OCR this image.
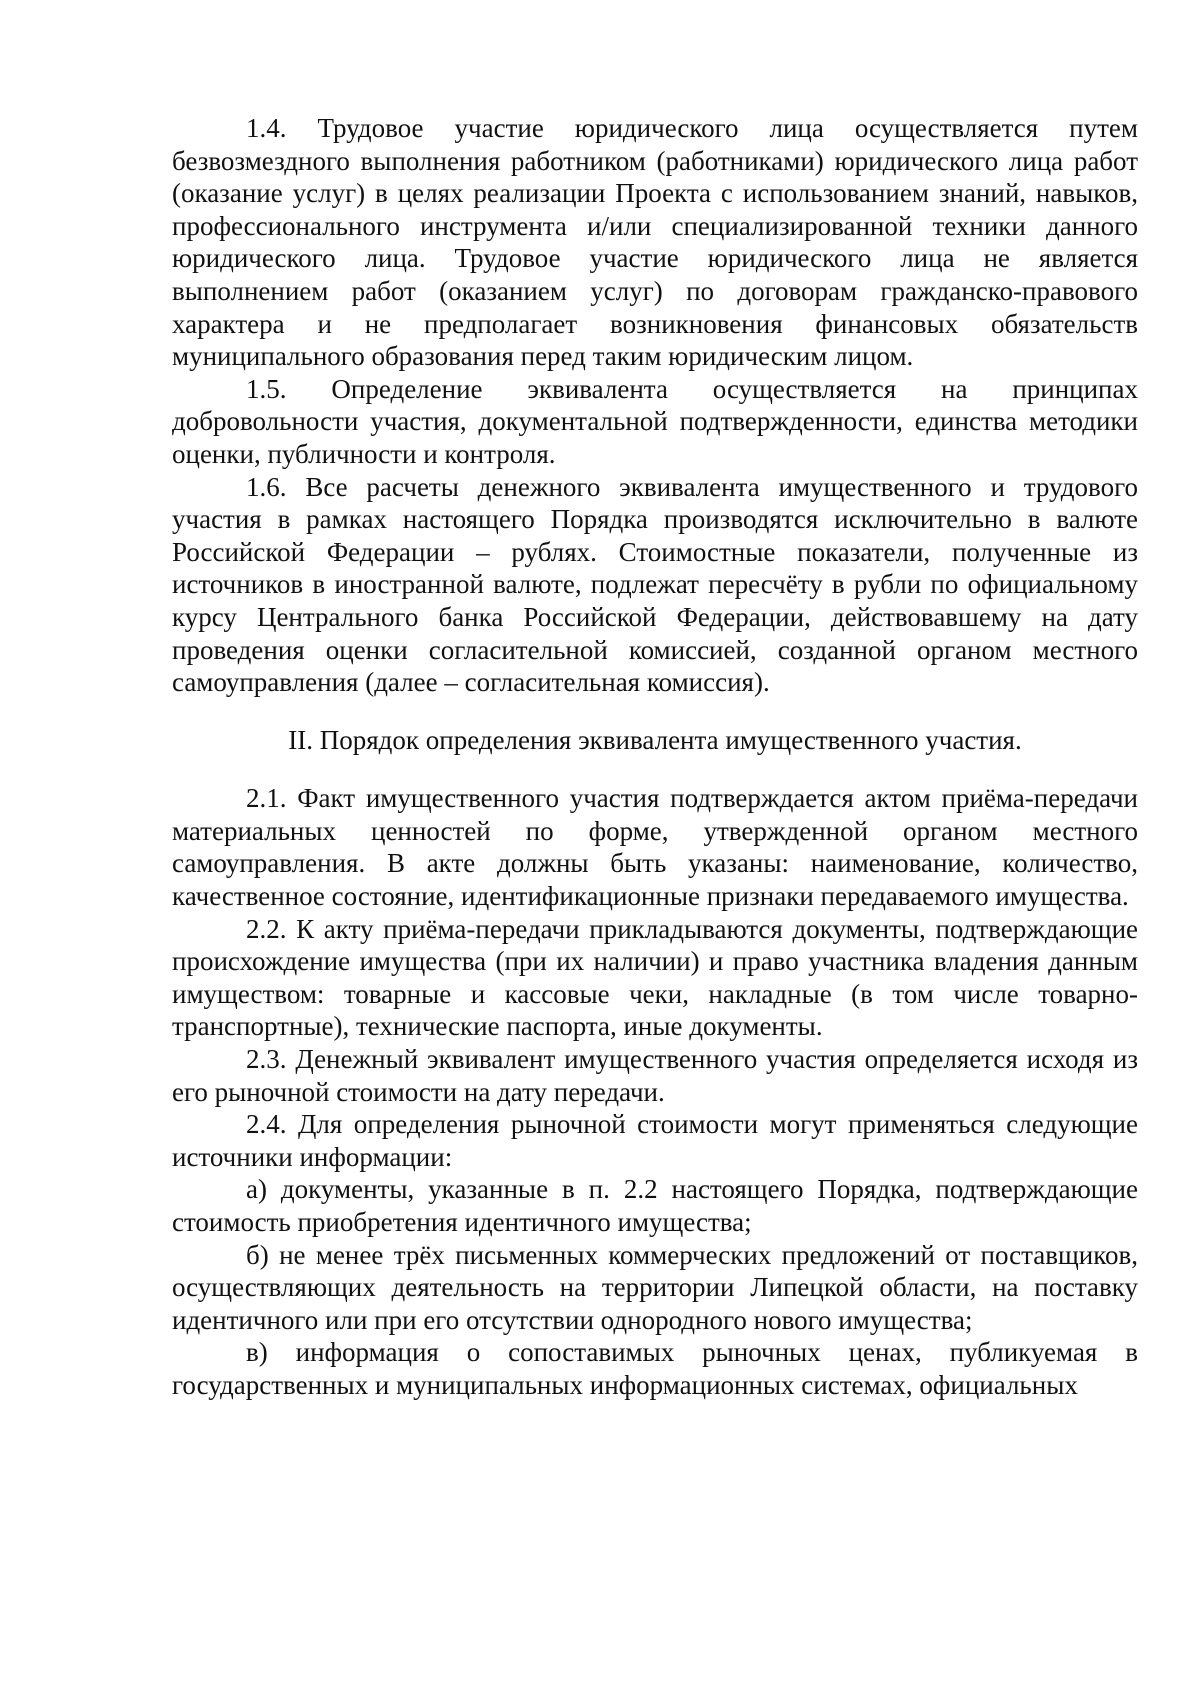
1.4. Трудовое участие юридического лица осуществляется путем безвозмездного выполнения работником (работниками) юридического лица работ (оказание услуг) в целях реализации Проекта с использованием знаний, навыков, профессионального инструмента и/или специализированной техники данного юридического лица. Трудовое участие юридического лица не является выполнением работ (оказанием услуг) по договорам гражданско-правового характера и не предполагает возникновения финансовых обязательств муниципального образования перед таким юридическим лицом.

1.5. Определение эквивалента осуществляется на принципах добровольности участия, документальной подтвержденности, единства методики оценки, публичности и контроля.

1.6. Все расчеты денежного эквивалента имущественного и трудового участия в рамках настоящего Порядка производятся исключительно в валюте Российской Федерации – рублях. Стоимостные показатели, полученные из источников в иностранной валюте, подлежат пересчёту в рубли по официальному курсу Центрального банка Российской Федерации, действовавшему на дату проведения оценки согласительной комиссией, созданной органом местного самоуправления (далее – согласительная комиссия).

II. Порядок определения эквивалента имущественного участия.

2.1. Факт имущественного участия подтверждается актом приёма-передачи материальных ценностей по форме, утвержденной органом местного самоуправления. В акте должны быть указаны: наименование, количество, качественное состояние, идентификационные признаки передаваемого имущества.

2.2. К акту приёма-передачи прикладываются документы, подтверждающие происхождение имущества (при их наличии) и право участника владения данным имуществом: товарные и кассовые чеки, накладные (в том числе товарно-транспортные), технические паспорта, иные документы.

2.3. Денежный эквивалент имущественного участия определяется исходя из его рыночной стоимости на дату передачи.

2.4. Для определения рыночной стоимости могут применяться следующие источники информации:

а) документы, указанные в п. 2.2 настоящего Порядка, подтверждающие стоимость приобретения идентичного имущества;

б) не менее трёх письменных коммерческих предложений от поставщиков, осуществляющих деятельность на территории Липецкой области, на поставку идентичного или при его отсутствии однородного нового имущества;

в) информация о сопоставимых рыночных ценах, публикуемая в государственных и муниципальных информационных системах, официальных
